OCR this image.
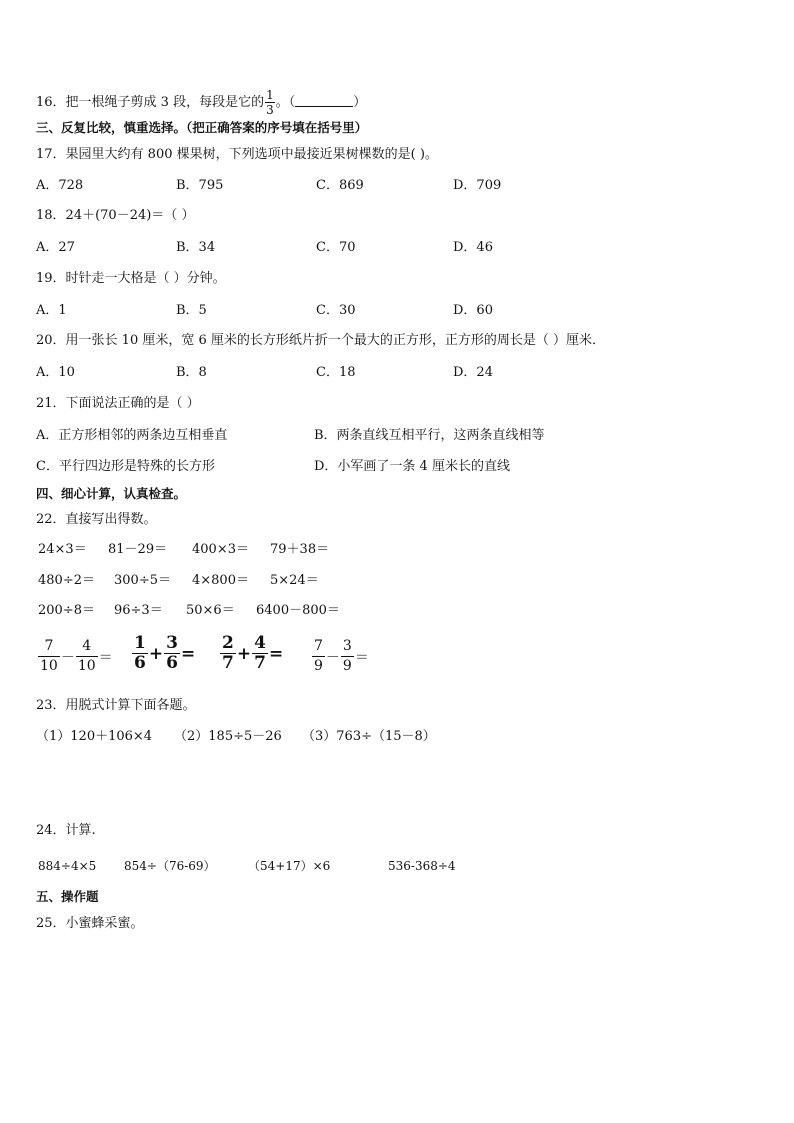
16．把一根绳子剪成 3 段，每段是它的 $\frac{1}{3}$ 。（	）
三、反复比较，慎重选择。（把正确答案的序号填在括号里）
17．果园里大约有 800 棵果树，下列选项中最接近果树棵数的是( )。
A．728	B．795	C．869	D．709
18．24＋(70－24)＝（ ）
A．27	B．34	C．70	D．46
19．时针走一大格是（ ）分钟。
A．1	B．5	C．30	D．60
20．用一张长 10 厘米，宽 6 厘米的长方形纸片折一个最大的正方形，正方形的周长是（ ）厘米．
A．10	B．8	C．18	D．24
21．下面说法正确的是（ ）
A．正方形相邻的两条边互相垂直	B．两条直线互相平行，这两条直线相等
C．平行四边形是特殊的长方形	D．小军画了一条 4 厘米长的直线
四、细心计算，认真检查。
22．直接写出得数。
24×3＝ 81－29＝ 400×3＝ 79＋38＝
480÷2＝ 300÷5＝ 4×800＝ 5×24＝
200÷8＝ 96÷3＝ 50×6＝ 6400－800＝
$\frac{7}{10} - \frac{4}{10} = \frac{1}{6} + \frac{3}{6} = \frac{2}{7} + \frac{4}{7} = \frac{7}{9} - \frac{3}{9}$ ＝
23．用脱式计算下面各题。
（1）120＋106×4 （2）185÷5－26 （3）763÷（15－8）
24．计算.
884÷4×5 854÷（76-69）	（54+17）×6	536-368÷4
五、操作题
25．小蜜蜂采蜜。
